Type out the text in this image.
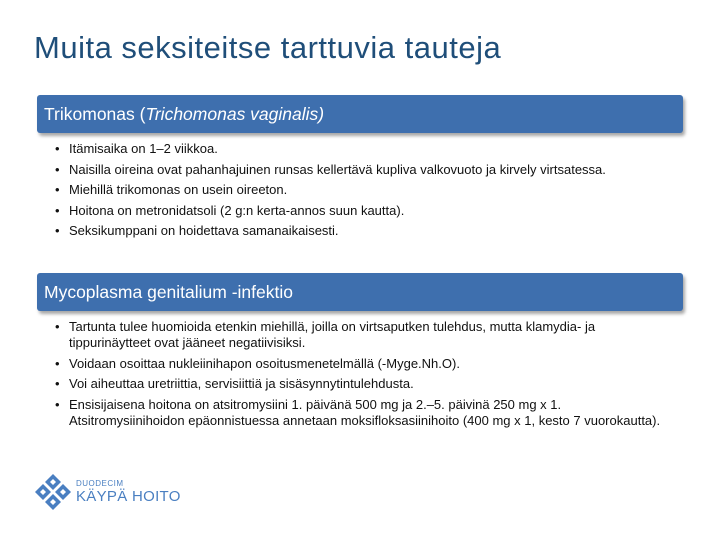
Muita seksiteitse tarttuvia tauteja
Trikomonas ( Trichomonas vaginalis)
• Itämisaika on 1–2 viikkoa.
• Naisilla oireina ovat pahanhajuinen runsas kellertävä kupliva valkovuoto ja kirvely virtsatessa.
• Miehillä trikomonas on usein oireeton.
• Hoitona on metronidatsoli (2 g:n kerta-annos suun kautta).
• Seksikumppani on hoidettava samanaikaisesti.
Mycoplasma genitalium -infektio
• Tartunta tulee huomioida etenkin miehillä, joilla on virtsaputken tulehdus, mutta klamydia- ja tippurinäytteet ovat jääneet negatiivisiksi.
• Voidaan osoittaa nukleiinihapon osoitusmenetelmällä (-Myge.Nh.O).
• Voi aiheuttaa uretriittia, servisiittiä ja sisäsynnytintulehdusta.
• Ensisijaisena hoitona on atsitromysiini 1. päivänä 500 mg ja 2.–5. päivinä 250 mg x 1. Atsitromysiinihoidon epäonnistuessa annetaan moksifloksasiinihoito (400 mg x 1, kesto 7 vuorokautta).
DUODECIM
KÄYPÄ HOITO
